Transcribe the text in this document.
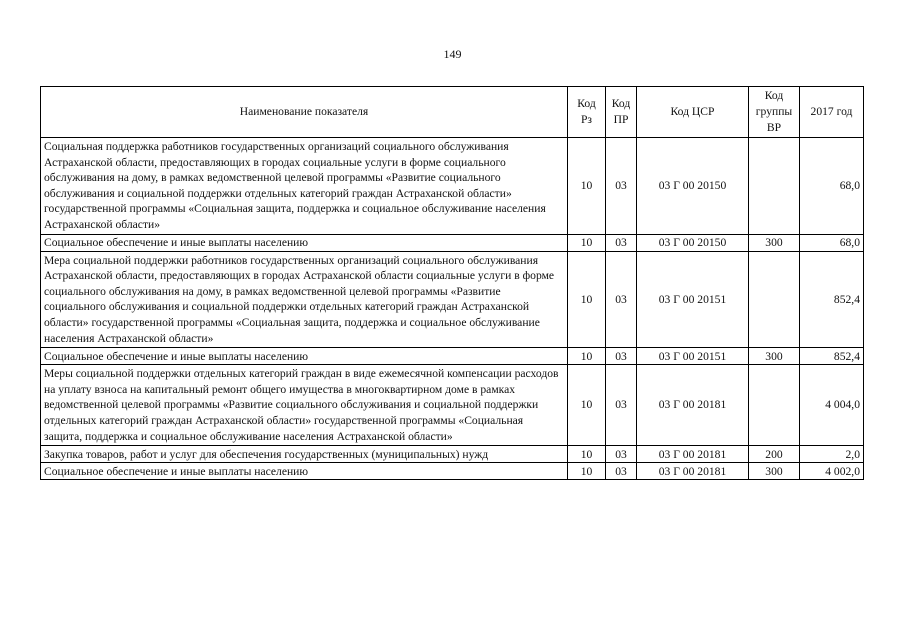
149
Наименование показателя	Код Рз	Код ПР	Код ЦСР	Код группы ВР	2017 год
Социальная поддержка работников государственных организаций социального обслуживания Астраханской области, предоставляющих в городах социальные услуги в форме социального обслуживания на дому, в рамках ведомственной целевой программы «Развитие социального обслуживания и социальной поддержки отдельных категорий граждан Астраханской области» государственной программы «Социальная защита, поддержка и социальное обслуживание населения Астраханской области»	10	03	03 Г 00 20150		68,0
Социальное обеспечение и иные выплаты населению	10	03	03 Г 00 20150	300	68,0
Мера социальной поддержки работников государственных организаций социального обслуживания Астраханской области, предоставляющих в городах Астраханской области социальные услуги в форме социального обслуживания на дому, в рамках ведомственной целевой программы «Развитие социального обслуживания и социальной поддержки отдельных категорий граждан Астраханской области» государственной программы «Социальная защита, поддержка и социальное обслуживание населения Астраханской области»	10	03	03 Г 00 20151		852,4
Социальное обеспечение и иные выплаты населению	10	03	03 Г 00 20151	300	852,4
Меры социальной поддержки отдельных категорий граждан в виде ежемесячной компенсации расходов на уплату взноса на капитальный ремонт общего имущества в многоквартирном доме в рамках ведомственной целевой программы «Развитие социального обслуживания и социальной поддержки отдельных категорий граждан Астраханской области» государственной программы «Социальная защита, поддержка и социальное обслуживание населения Астраханской области»	10	03	03 Г 00 20181		4 004,0
Закупка товаров, работ и услуг для обеспечения государственных (муниципальных) нужд	10	03	03 Г 00 20181	200	2,0
Социальное обеспечение и иные выплаты населению	10	03	03 Г 00 20181	300	4 002,0
